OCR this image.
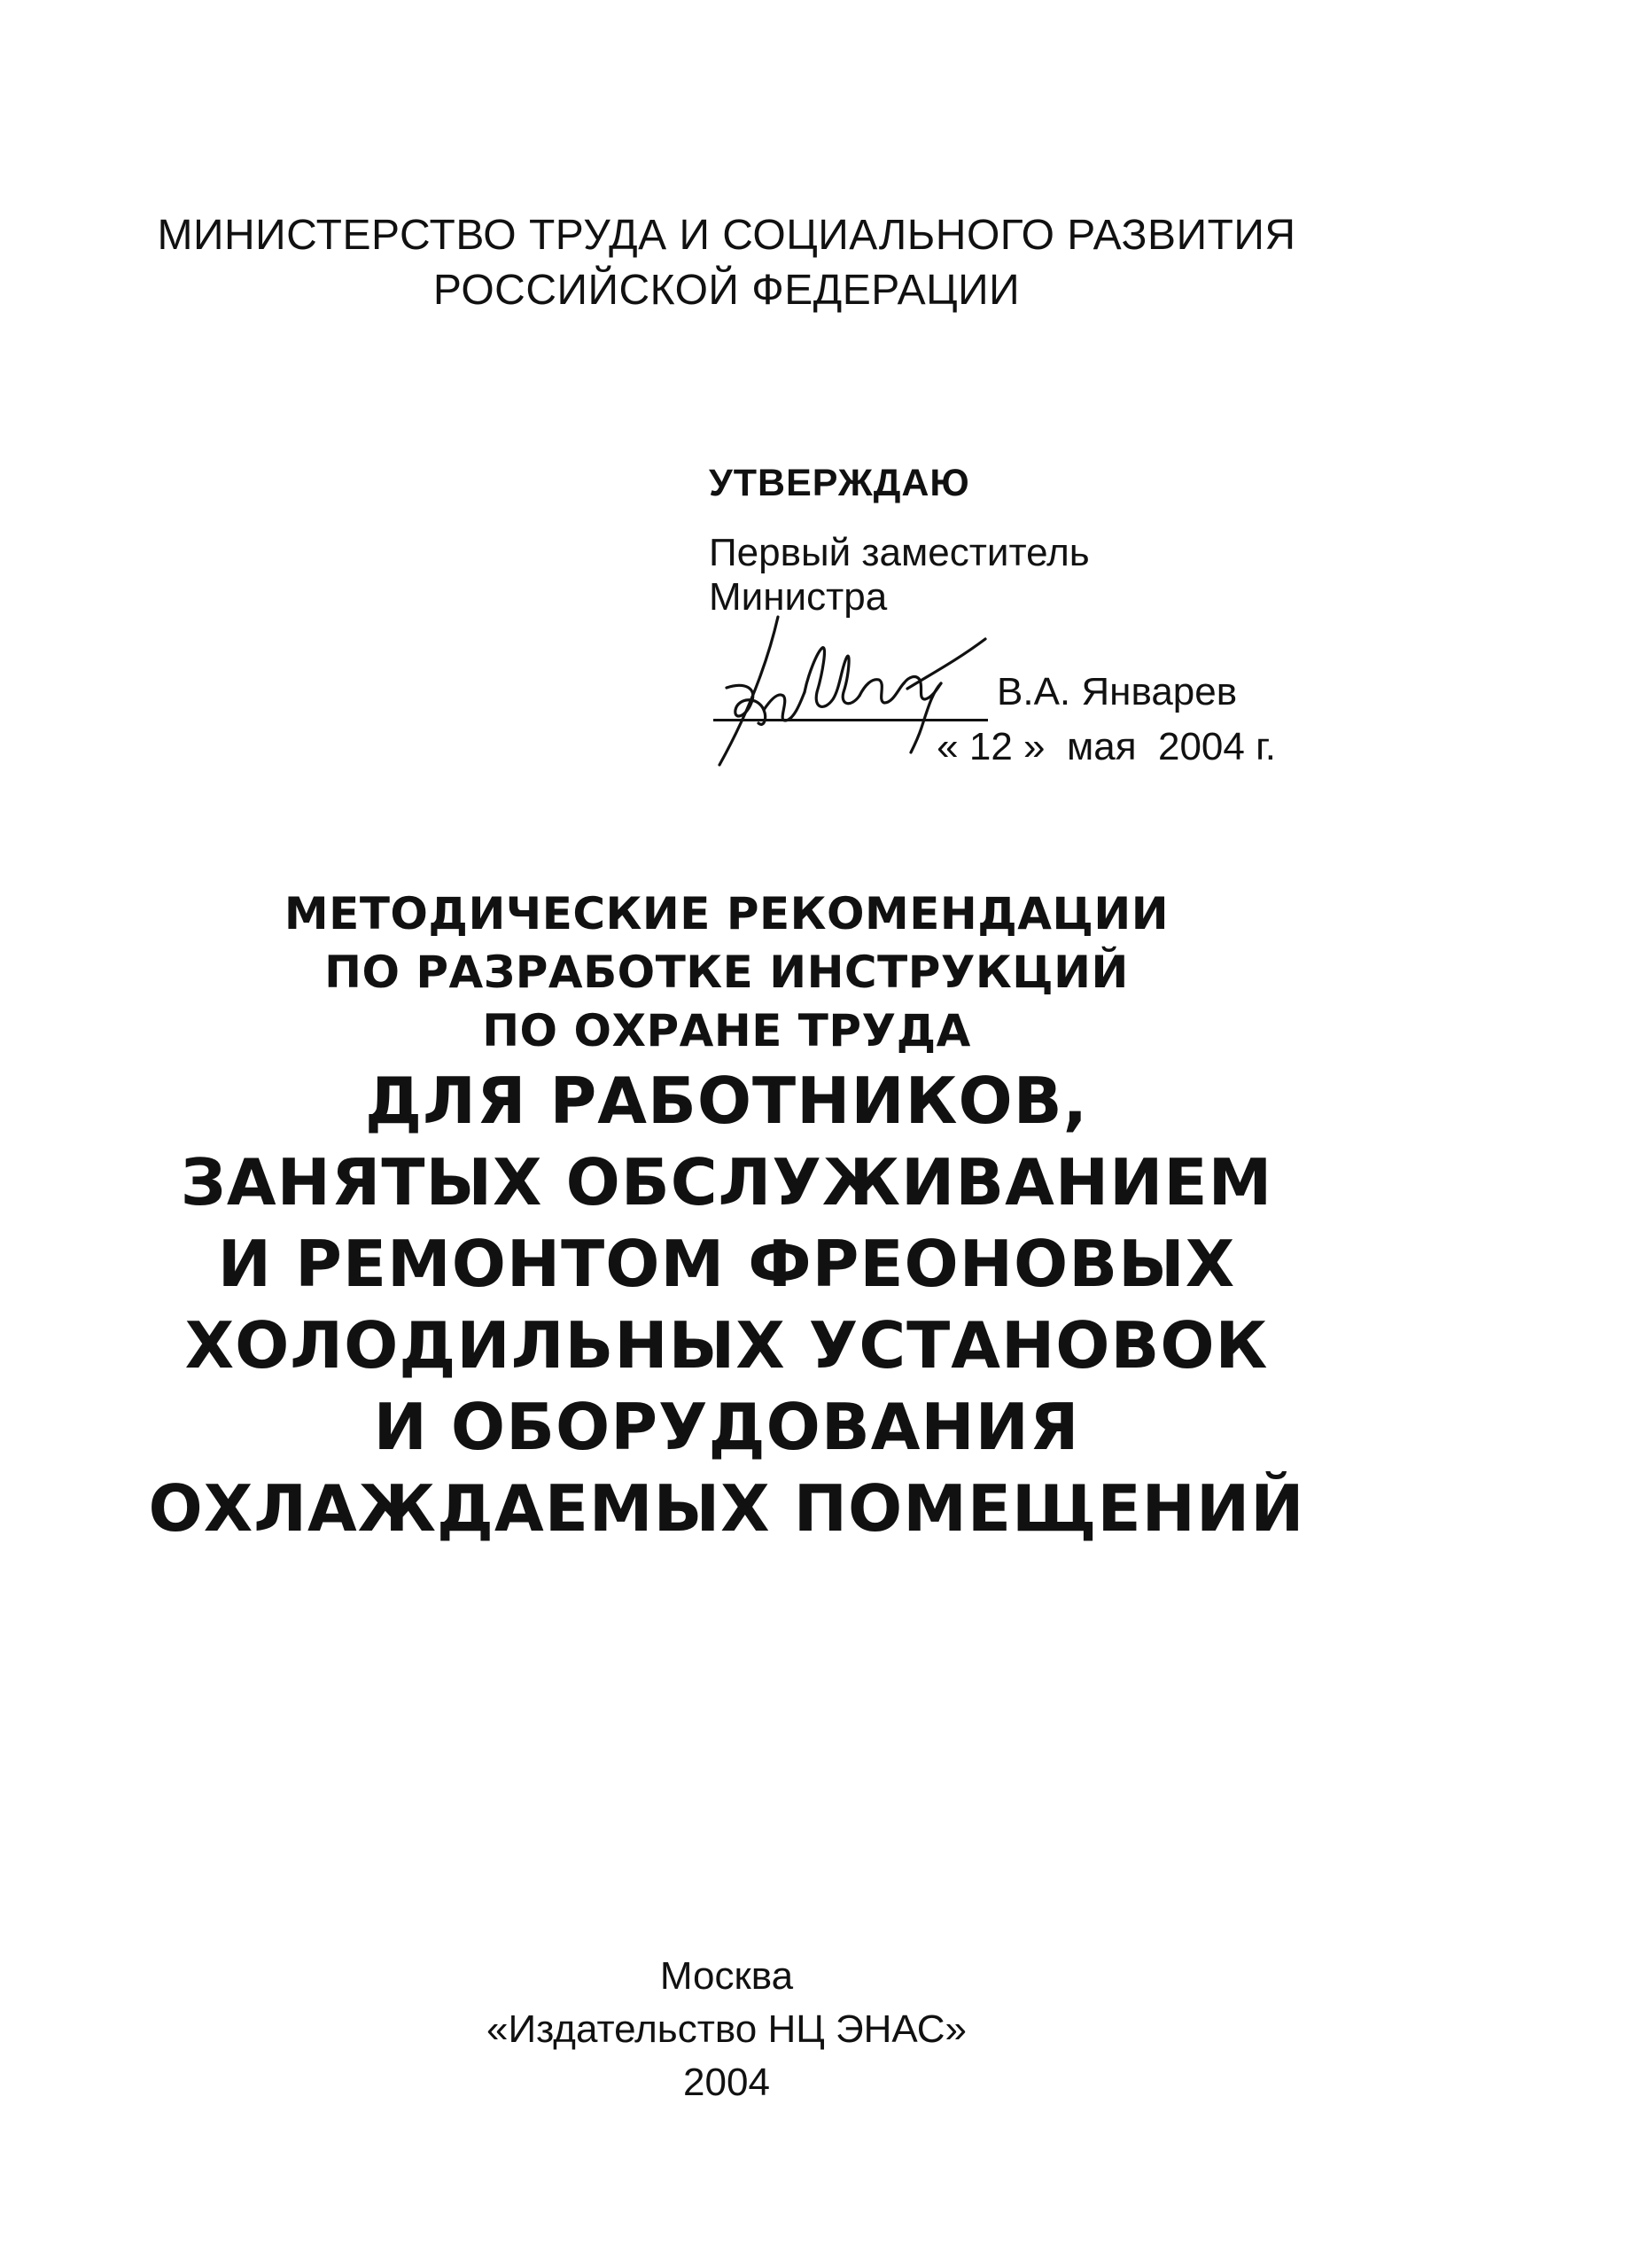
МИНИСТЕРСТВО ТРУДА И СОЦИАЛЬНОГО РАЗВИТИЯ
РОССИЙСКОЙ ФЕДЕРАЦИИ
УТВЕРЖДАЮ
Первый заместитель
Министра
В.А. Январев
« 12 » мая 2004 г.
МЕТОДИЧЕСКИЕ РЕКОМЕНДАЦИИ
ПО РАЗРАБОТКЕ ИНСТРУКЦИЙ
ПО ОХРАНЕ ТРУДА
ДЛЯ РАБОТНИКОВ,
ЗАНЯТЫХ ОБСЛУЖИВАНИЕМ
И РЕМОНТОМ ФРЕОНОВЫХ
ХОЛОДИЛЬНЫХ УСТАНОВОК
И ОБОРУДОВАНИЯ
ОХЛАЖДАЕМЫХ ПОМЕЩЕНИЙ
Москва
«Издательство НЦ ЭНАС»
2004
